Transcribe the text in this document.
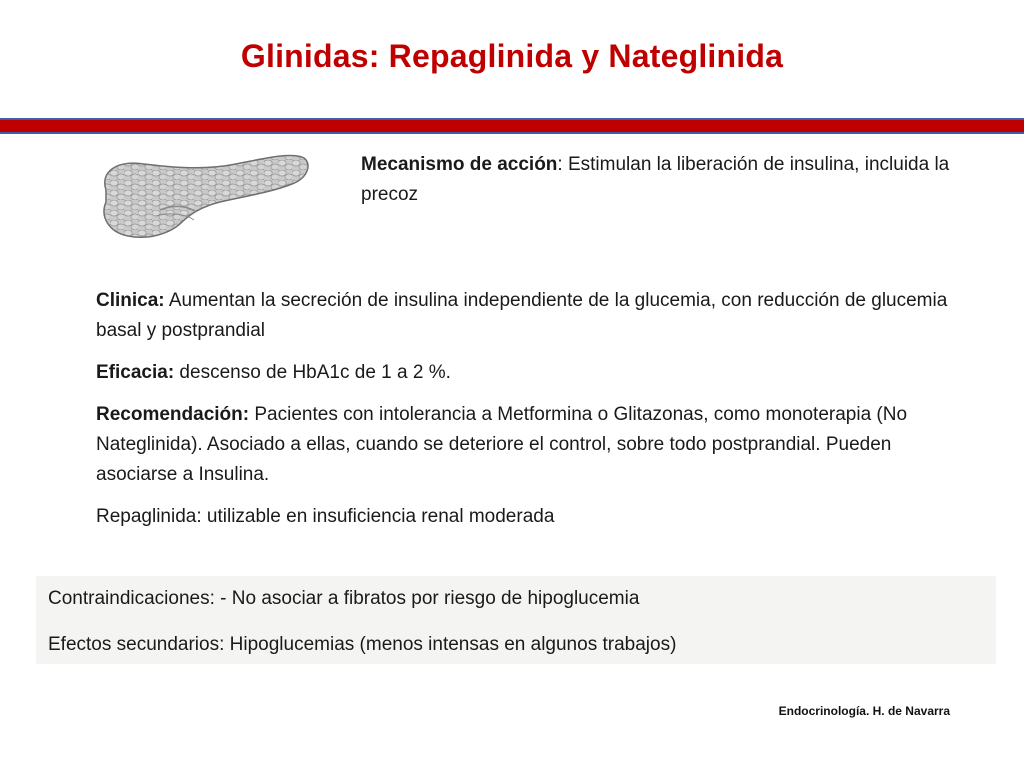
Glinidas: Repaglinida y Nateglinida
Mecanismo de acción: Estimulan la liberación de insulina, incluida la precoz

Clinica: Aumentan la secreción de insulina independiente de la glucemia, con reducción de glucemia basal y postprandial

Eficacia: descenso de HbA1c de 1 a 2 %.

Recomendación: Pacientes con intolerancia a Metformina o Glitazonas, como monoterapia (No Nateglinida). Asociado a ellas, cuando se deteriore el control, sobre todo postprandial. Pueden asociarse a Insulina.

Repaglinida: utilizable en insuficiencia renal moderada

Contraindicaciones: - No asociar a fibratos por riesgo de hipoglucemia

Efectos secundarios: Hipoglucemias (menos intensas en algunos trabajos)

Endocrinología. H. de Navarra
